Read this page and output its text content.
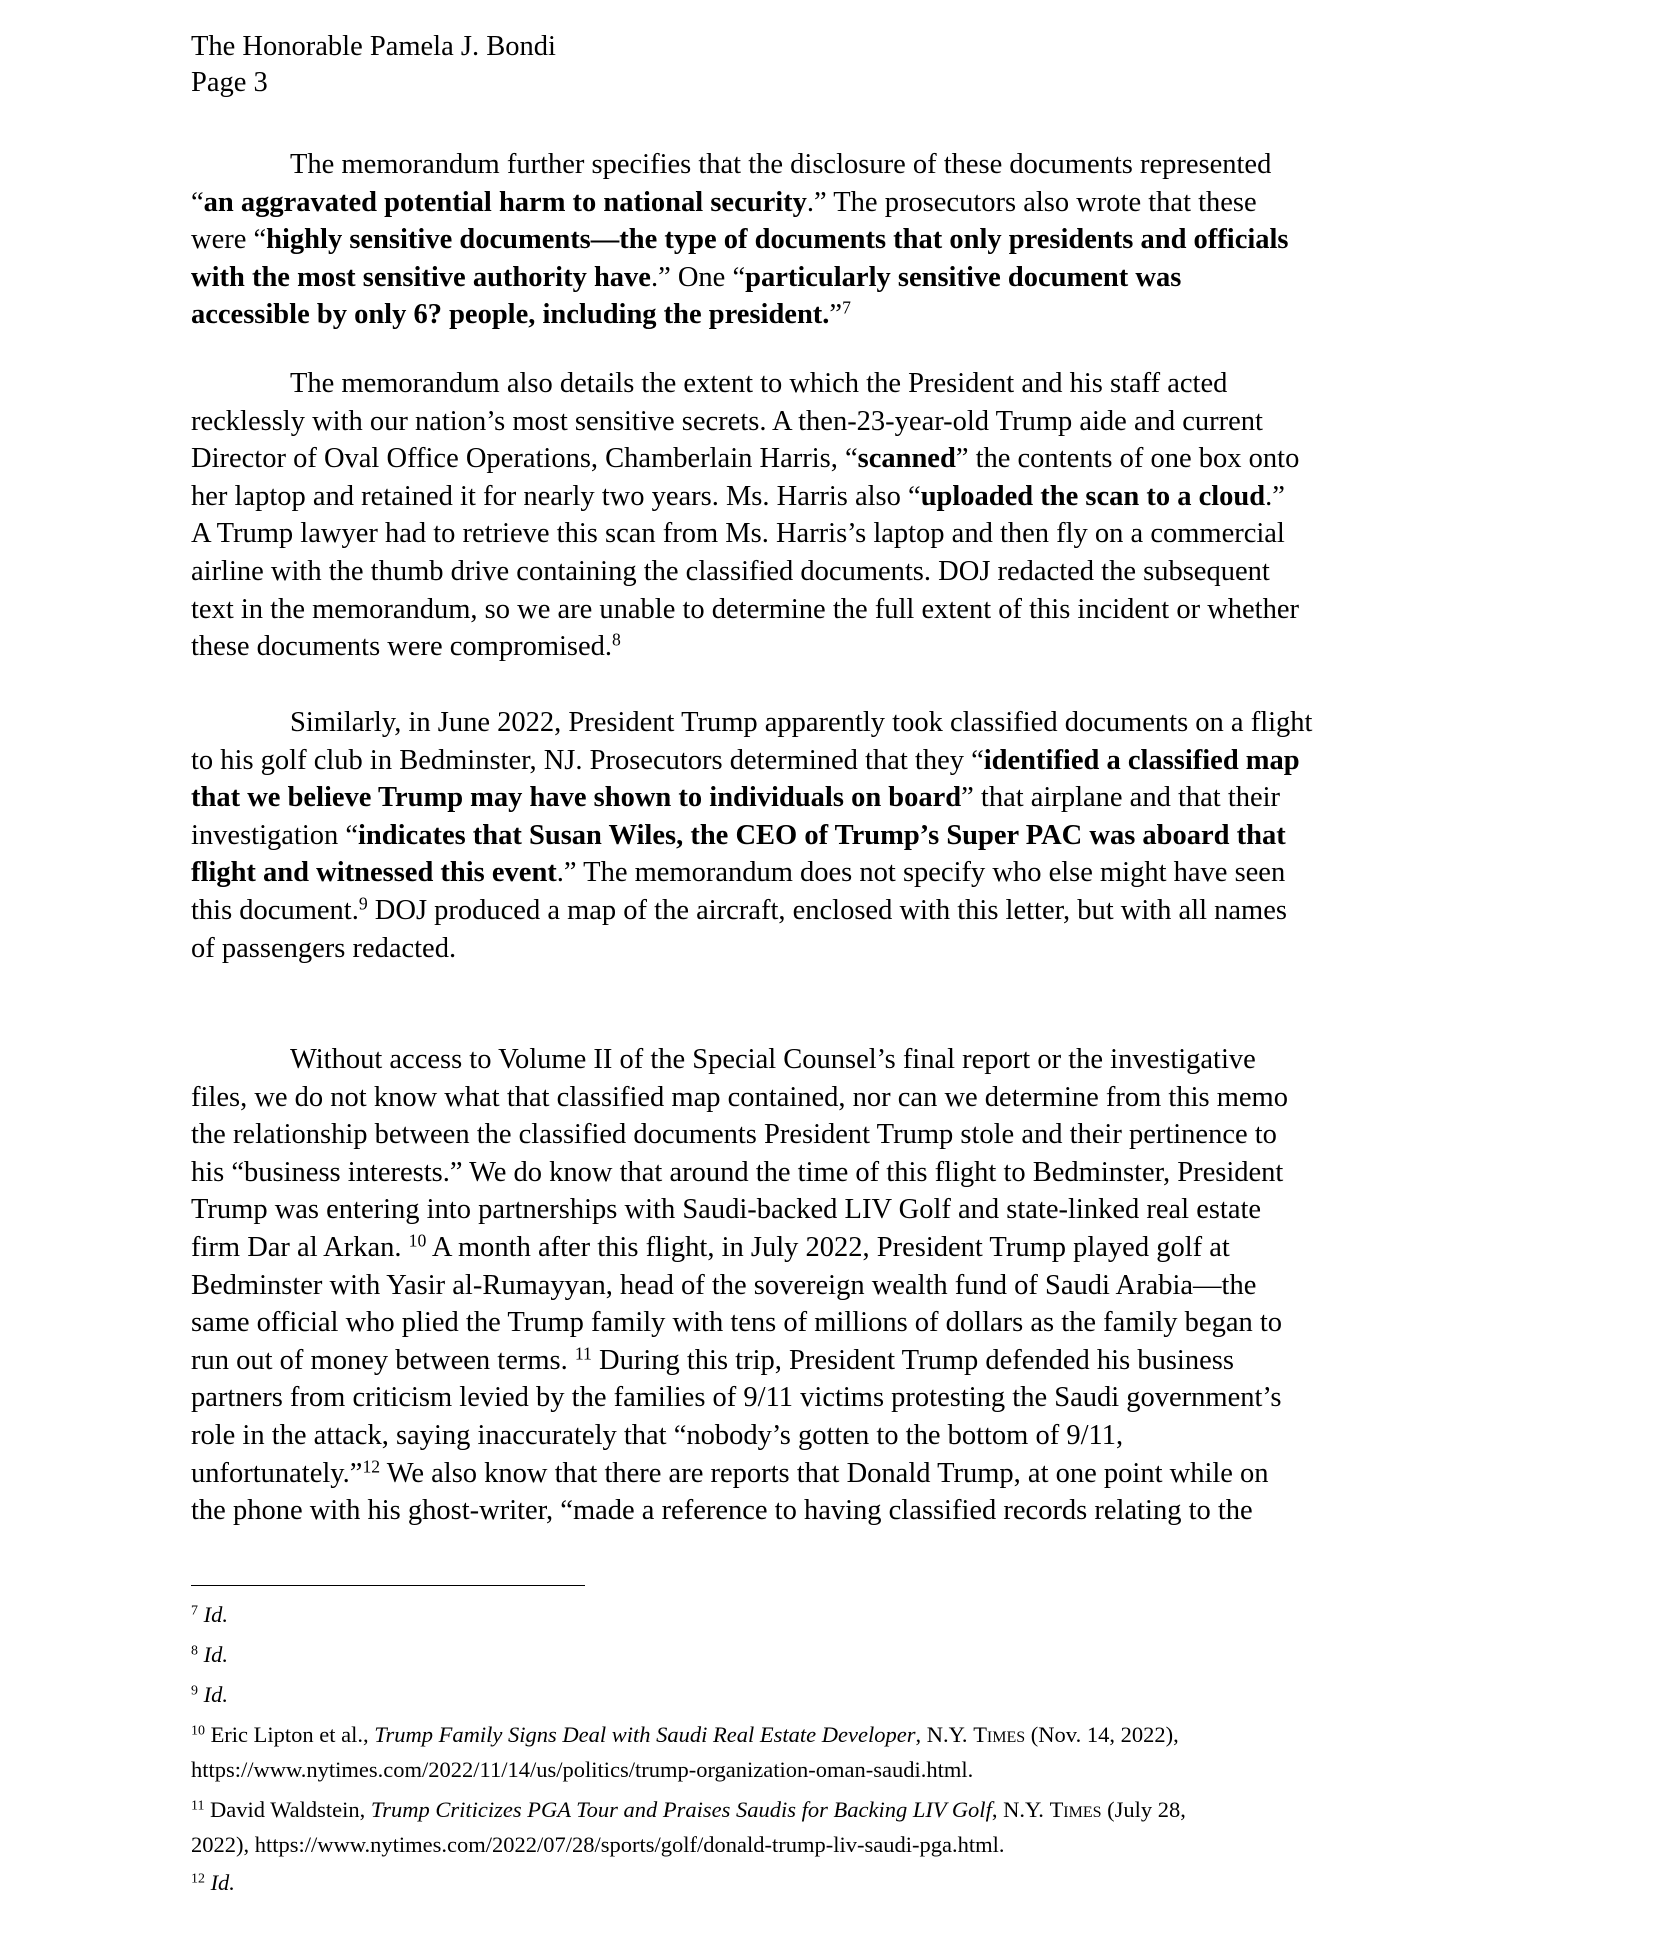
The Honorable Pamela J. Bondi
Page 3
The memorandum further specifies that the disclosure of these documents represented
“an aggravated potential harm to national security.” The prosecutors also wrote that these
were “highly sensitive documents—the type of documents that only presidents and officials
with the most sensitive authority have.” One “particularly sensitive document was
accessible by only 6? people, including the president.”$^7$
The memorandum also details the extent to which the President and his staff acted
recklessly with our nation’s most sensitive secrets. A then-23-year-old Trump aide and current
Director of Oval Office Operations, Chamberlain Harris, “scanned” the contents of one box onto
her laptop and retained it for nearly two years. Ms. Harris also “uploaded the scan to a cloud.”
A Trump lawyer had to retrieve this scan from Ms. Harris’s laptop and then fly on a commercial
airline with the thumb drive containing the classified documents. DOJ redacted the subsequent
text in the memorandum, so we are unable to determine the full extent of this incident or whether
these documents were compromised.$^8$
Similarly, in June 2022, President Trump apparently took classified documents on a flight
to his golf club in Bedminster, NJ. Prosecutors determined that they “identified a classified map
that we believe Trump may have shown to individuals on board” that airplane and that their
investigation “indicates that Susan Wiles, the CEO of Trump’s Super PAC was aboard that
flight and witnessed this event.” The memorandum does not specify who else might have seen
this document.$^9$ DOJ produced a map of the aircraft, enclosed with this letter, but with all names
of passengers redacted.
Without access to Volume II of the Special Counsel’s final report or the investigative
files, we do not know what that classified map contained, nor can we determine from this memo
the relationship between the classified documents President Trump stole and their pertinence to
his “business interests.” We do know that around the time of this flight to Bedminster, President
Trump was entering into partnerships with Saudi-backed LIV Golf and state-linked real estate
firm Dar al Arkan. $^{10}$ A month after this flight, in July 2022, President Trump played golf at
Bedminster with Yasir al-Rumayyan, head of the sovereign wealth fund of Saudi Arabia—the
same official who plied the Trump family with tens of millions of dollars as the family began to
run out of money between terms. $^{11}$ During this trip, President Trump defended his business
partners from criticism levied by the families of 9/11 victims protesting the Saudi government’s
role in the attack, saying inaccurately that “nobody’s gotten to the bottom of 9/11,
unfortunately.”$^{12}$ We also know that there are reports that Donald Trump, at one point while on
the phone with his ghost-writer, “made a reference to having classified records relating to the
$^7$ Id.
$^8$ Id.
$^9$ Id.
$^{10}$ Eric Lipton et al., Trump Family Signs Deal with Saudi Real Estate Developer, N.Y. Times (Nov. 14, 2022),
https://www.nytimes.com/2022/11/14/us/politics/trump-organization-oman-saudi.html.
$^{11}$ David Waldstein, Trump Criticizes PGA Tour and Praises Saudis for Backing LIV Golf, N.Y. Times (July 28,
2022), https://www.nytimes.com/2022/07/28/sports/golf/donald-trump-liv-saudi-pga.html.
$^{12}$ Id.
